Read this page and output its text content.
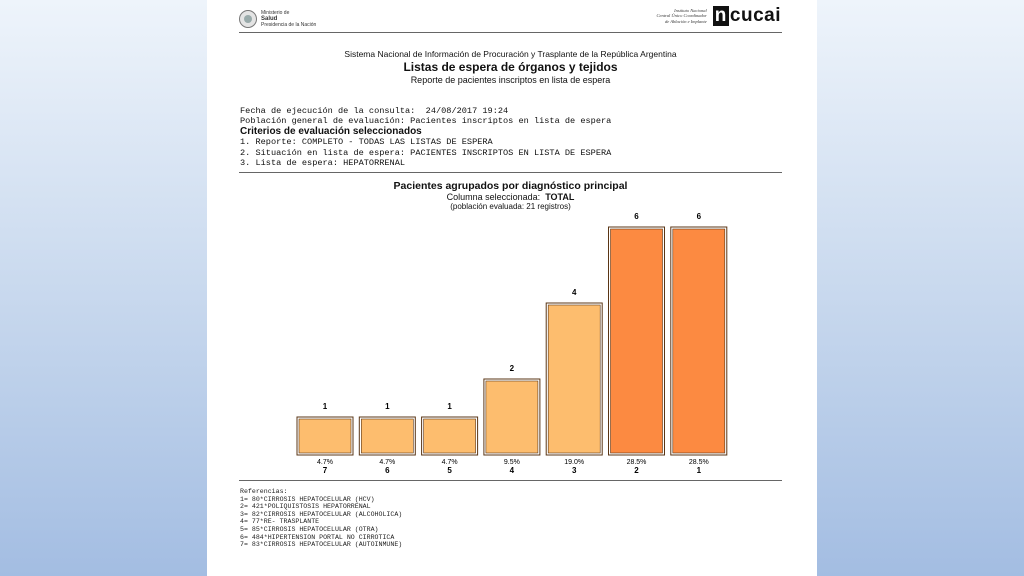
Ministerio de
Salud
Presidencia de la Nación
Instituto Nacional
Central Único Coordinador
de Ablación e Implante n cucai
Sistema Nacional de Información de Procuración y Trasplante de la República Argentina
Listas de espera de órganos y tejidos
Reporte de pacientes inscriptos en lista de espera
Fecha de ejecución de la consulta: 24/08/2017 19:24
Población general de evaluación: Pacientes inscriptos en lista de espera
Criterios de evaluación seleccionados
1. Reporte: COMPLETO - TODAS LAS LISTAS DE ESPERA
2. Situación en lista de espera: PACIENTES INSCRIPTOS EN LISTA DE ESPERA
3. Lista de espera: HEPATORRENAL
Pacientes agrupados por diagnóstico principal
Columna seleccionada: TOTAL
(población evaluada: 21 registros)
1
4.7%
7
1
4.7%
6
1
4.7%
5
2
9.5%
4
4
19.0%
3
6
28.5%
2
6
28.5%
1
Referencias:
1= 80*CIRROSIS HEPATOCELULAR (HCV)
2= 421*POLIQUISTOSIS HEPATORRENAL
3= 82*CIRROSIS HEPATOCELULAR (ALCOHOLICA)
4= 77*RE- TRASPLANTE
5= 85*CIRROSIS HEPATOCELULAR (OTRA)
6= 484*HIPERTENSION PORTAL NO CIRROTICA
7= 83*CIRROSIS HEPATOCELULAR (AUTOINMUNE)
